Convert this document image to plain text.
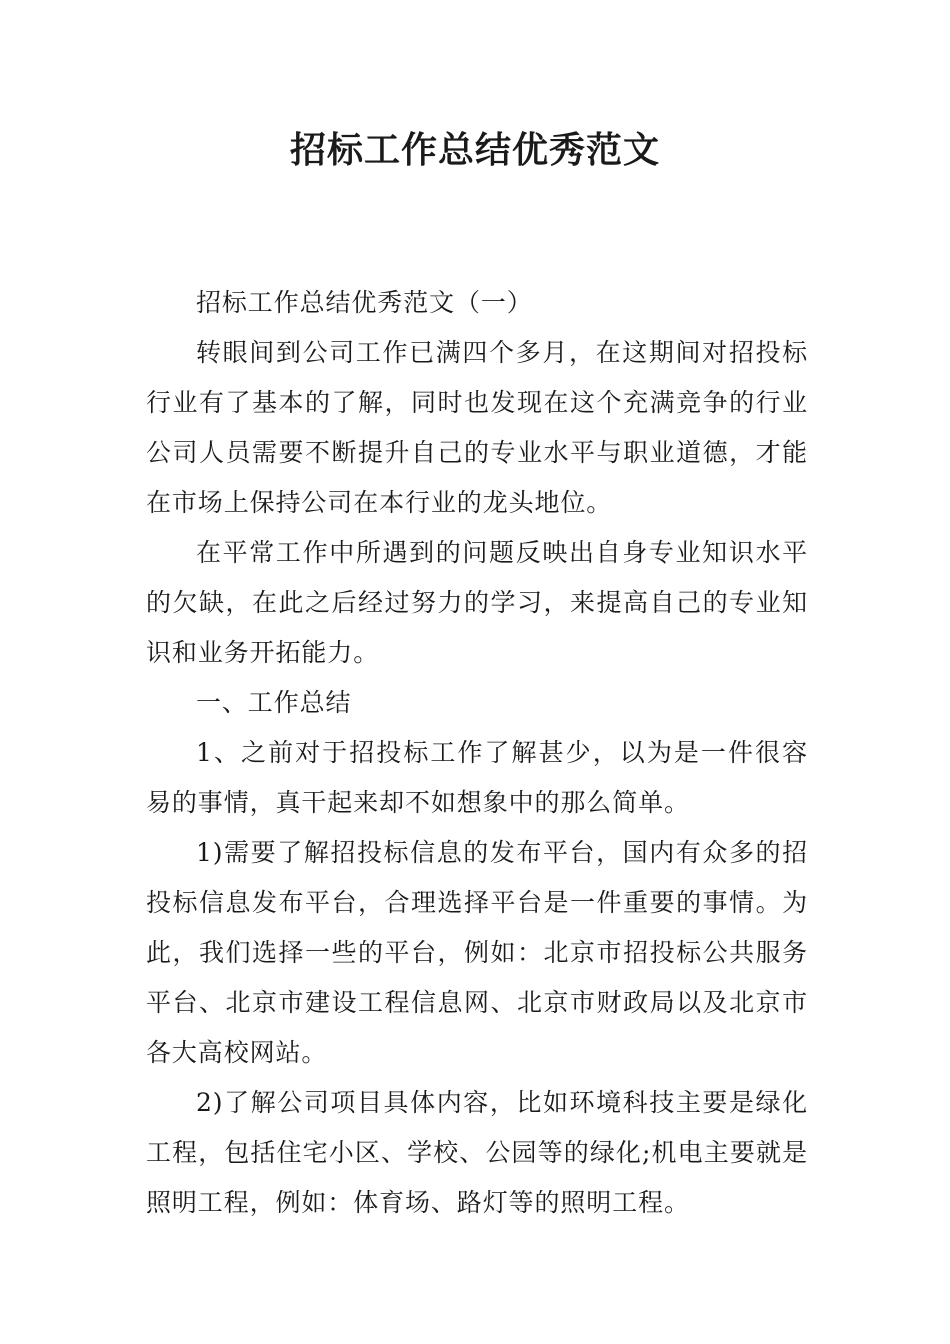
招标工作总结优秀范文

招标工作总结优秀范文（一）

转眼间到公司工作已满四个多月，在这期间对招投标行业有了基本的了解，同时也发现在这个充满竞争的行业公司人员需要不断提升自己的专业水平与职业道德，才能在市场上保持公司在本行业的龙头地位。

在平常工作中所遇到的问题反映出自身专业知识水平的欠缺，在此之后经过努力的学习，来提高自己的专业知识和业务开拓能力。

一、工作总结

1、之前对于招投标工作了解甚少，以为是一件很容易的事情，真干起来却不如想象中的那么简单。

1)需要了解招投标信息的发布平台，国内有众多的招投标信息发布平台，合理选择平台是一件重要的事情。为此，我们选择一些的平台，例如：北京市招投标公共服务平台、北京市建设工程信息网、北京市财政局以及北京市各大高校网站。

2)了解公司项目具体内容，比如环境科技主要是绿化工程，包括住宅小区、学校、公园等的绿化;机电主要就是照明工程，例如：体育场、路灯等的照明工程。
